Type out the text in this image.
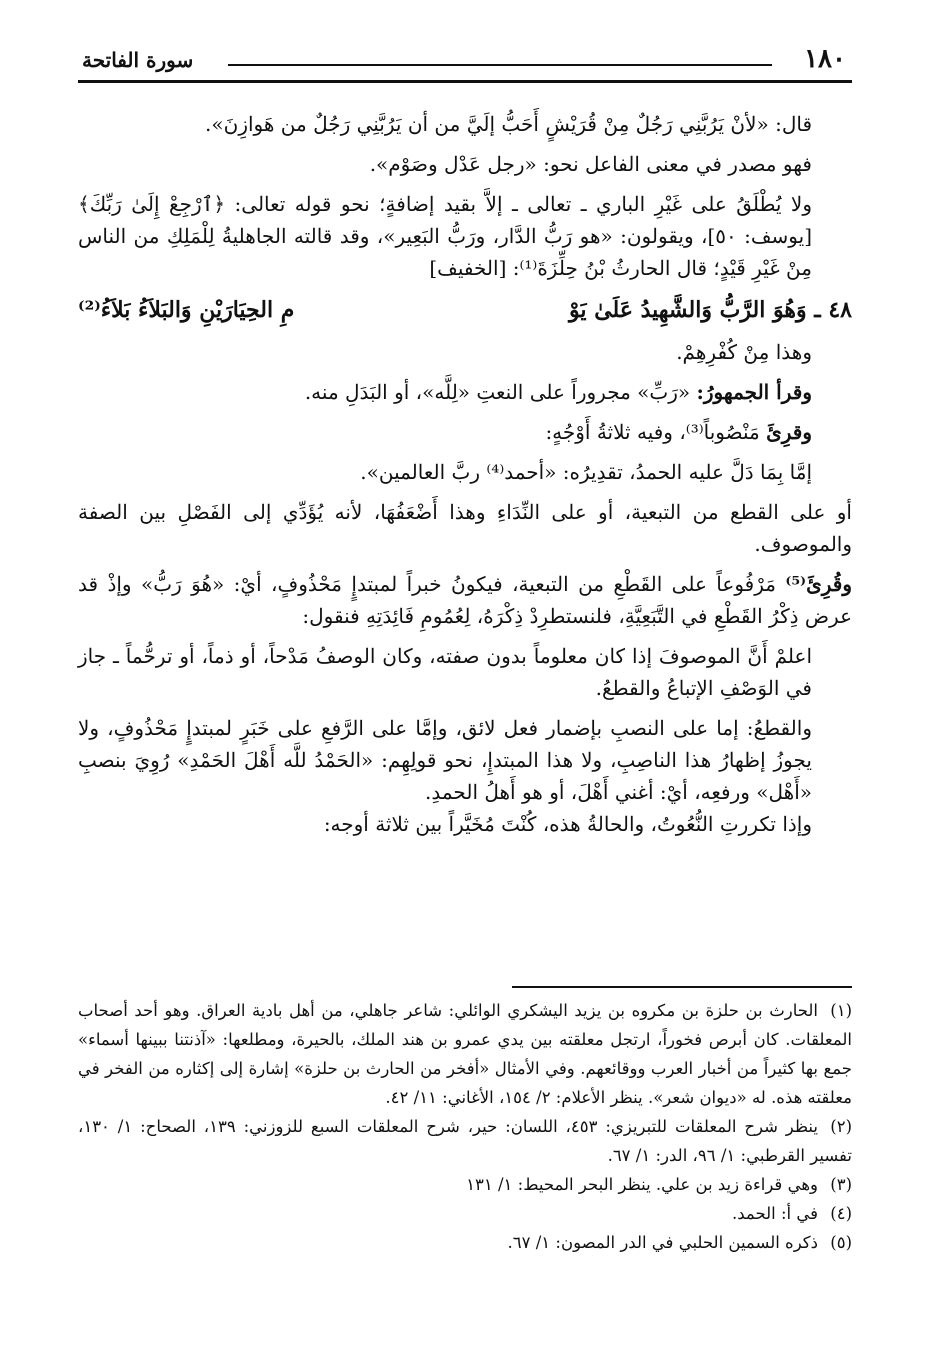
١٨٠
سورة الفاتحة

قال: «لأنْ يَرُبَّنِي رَجُلٌ مِنْ قُرَيْشٍ أَحَبُّ إلَيَّ من أن يَرُبَّنِي رَجُلٌ من هَوازِنَ».

فهو مصدر في معنى الفاعل نحو: «رجل عَدْل وصَوْم».

ولا يُطْلَقُ على غَيْرِ الباري ـ تعالى ـ إلاَّ بقيد إضافةٍ؛ نحو قوله تعالى: ﴿ٱرْجِعْ إِلَىٰ رَبِّكَ﴾ [يوسف: ٥٠]، ويقولون: «هو رَبُّ الدَّار، ورَبُّ البَعِير»، وقد قالته الجاهليةُ لِلْمَلِكِ من الناس مِنْ غَيْرِ قَيْدٍ؛ قال الحارثُ بْنُ حِلِّزَةَ⁽¹⁾: [الخفيف]

٤٨ ـ وَهُوَ الرَّبُّ وَالشَّهِيدُ عَلَىٰ يَوْ
مِ الحِيَارَيْنِ وَالبَلاَءُ بَلاَءُ⁽²⁾

وهذا مِنْ كُفْرِهِمْ.

وقرأ الجمهورُ: «رَبِّ» مجروراً على النعتِ «لِلَّه»، أو البَدَلِ منه.

وقرِئَ مَنْصُوباً⁽³⁾، وفيه ثلاثةُ أَوْجُهٍ:

إمَّا بِمَا دَلَّ عليه الحمدُ، تقدِيرُه: «أحمد⁽⁴⁾ ربَّ العالمين».

أو على القطع من التبعية، أو على النِّدَاءِ وهذا أَضْعَفُهَا، لأنه يُؤَدِّي إلى الفَصْلِ بين الصفة والموصوف.

وقُرِئَ⁽⁵⁾ مَرْفُوعاً على القَطْعِ من التبعية، فيكونُ خبراً لمبتدإٍ مَحْذُوفٍ، أيْ: «هُوَ رَبُّ» وإذْ قد عرض ذِكْرُ القَطْعِ في التَّبَعِيَّةِ، فلنستطرِدْ ذِكْرَهُ، لِعُمُومِ فَائِدَتِهِ فنقول:

اعلمْ أَنَّ الموصوفَ إذا كان معلوماً بدون صفته، وكان الوصفُ مَدْحاً، أو ذماً، أو ترحُّماً ـ جاز في الوَصْفِ الإتباعُ والقطعُ.

والقطعُ: إما على النصبِ بإضمار فعل لائق، وإمَّا على الرَّفعِ على خَبَرٍ لمبتدإٍ مَحْذُوفٍ، ولا يجوزُ إظهارُ هذا الناصِبِ، ولا هذا المبتدإِ، نحو قولِهِم: «الحَمْدُ للَّه أَهْلَ الحَمْدِ» رُوِيَ بنصبِ «أَهْل» ورفعِه، أيْ: أغني أَهْلَ، أو هو أَهلُ الحمدِ.

وإذا تكررتِ النُّعُوتُ، والحالةُ هذه، كُنْتَ مُخَيَّراً بين ثلاثة أوجه:

(١)الحارث بن حلزة بن مكروه بن يزيد اليشكري الوائلي: شاعر جاهلي، من أهل بادية العراق. وهو أحد أصحاب المعلقات. كان أبرص فخوراً، ارتجل معلقته بين يدي عمرو بن هند الملك، بالحيرة، ومطلعها: «آذنتنا ببينها أسماء» جمع بها كثيراً من أخبار العرب ووقائعهم. وفي الأمثال «أفخر من الحارث بن حلزة» إشارة إلى إكثاره من الفخر في معلقته هذه. له «ديوان شعر». ينظر الأعلام: ٢/ ١٥٤، الأغاني: ١١/ ٤٢.

(٢)ينظر شرح المعلقات للتبريزي: ٤٥٣، اللسان: حير، شرح المعلقات السبع للزوزني: ١٣٩، الصحاح: ١/ ١٣٠، تفسير القرطبي: ١/ ٩٦، الدر: ١/ ٦٧.

(٣)وهي قراءة زيد بن علي. ينظر البحر المحيط: ١/ ١٣١

(٤)في أ: الحمد.

(٥)ذكره السمين الحلبي في الدر المصون: ١/ ٦٧.
